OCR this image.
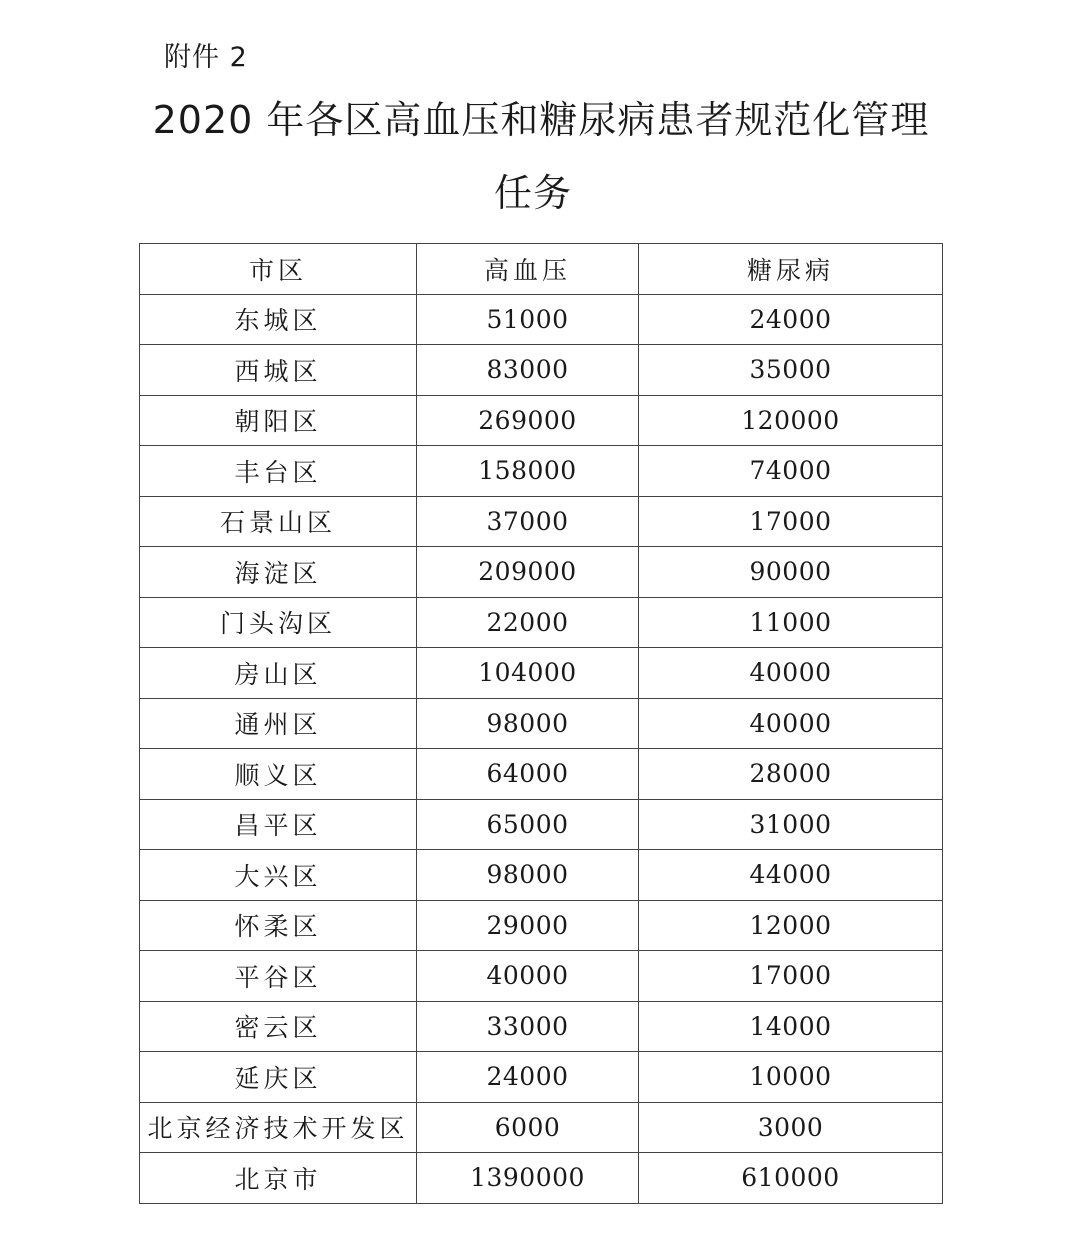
附件 2
2020 年各区高血压和糖尿病患者规范化管理
任务
市区	高血压	糖尿病
东城区	51000	24000
西城区	83000	35000
朝阳区	269000	120000
丰台区	158000	74000
石景山区	37000	17000
海淀区	209000	90000
门头沟区	22000	11000
房山区	104000	40000
通州区	98000	40000
顺义区	64000	28000
昌平区	65000	31000
大兴区	98000	44000
怀柔区	29000	12000
平谷区	40000	17000
密云区	33000	14000
延庆区	24000	10000
北京经济技术开发区	6000	3000
北京市	1390000	610000
